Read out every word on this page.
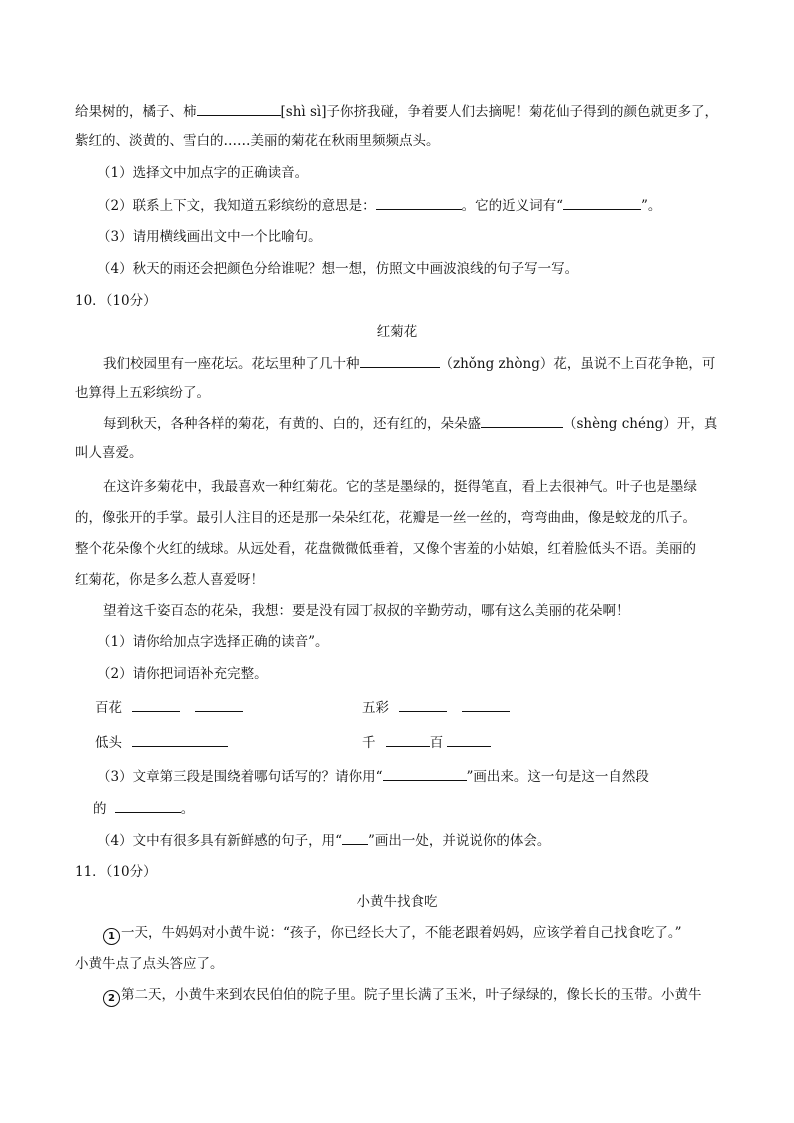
给果树的，橘子、柿	[shì sì]子你挤我碰，争着要人们去摘呢！菊花仙子得到的颜色就更多了，
紫红的、淡黄的、雪白的……美丽的菊花在秋雨里频频点头。
（1）选择文中加点字的正确读音。
（2）联系上下文，我知道五彩缤纷的意思是：	。它的近义词有“	”。
（3）请用横线画出文中一个比喻句。
（4）秋天的雨还会把颜色分给谁呢？想一想，仿照文中画波浪线的句子写一写。
10．（10分）
红菊花
我们校园里有一座花坛。花坛里种了几十种	（zhǒng zhòng）花，虽说不上百花争艳，可
也算得上五彩缤纷了。
每到秋天，各种各样的菊花，有黄的、白的，还有红的，朵朵盛	（shèng chéng）开，真
叫人喜爱。
在这许多菊花中，我最喜欢一种红菊花。它的茎是墨绿的，挺得笔直，看上去很神气。叶子也是墨绿
的，像张开的手掌。最引人注目的还是那一朵朵红花，花瓣是一丝一丝的，弯弯曲曲，像是蛟龙的爪子。
整个花朵像个火红的绒球。从远处看，花盘微微低垂着，又像个害羞的小姑娘，红着脸低头不语。美丽的
红菊花，你是多么惹人喜爱呀！
望着这千姿百态的花朵，我想：要是没有园丁叔叔的辛勤劳动，哪有这么美丽的花朵啊！
（1）请你给加点字选择正确的读音”。
（2）请你把词语补充完整。
百花	五彩
低头	千	百
（3）文章第三段是围绕着哪句话写的？请你用“	”画出来。这一句是这一自然段
的	。
（4）文中有很多具有新鲜感的句子，用“ ”画出一处，并说说你的体会。
11．（10分）
小黄牛找食吃
1 一天，牛妈妈对小黄牛说：“孩子，你已经长大了，不能老跟着妈妈，应该学着自己找食吃了。”
小黄牛点了点头答应了。
2 第二天，小黄牛来到农民伯伯的院子里。院子里长满了玉米，叶子绿绿的，像长长的玉带。小黄牛
